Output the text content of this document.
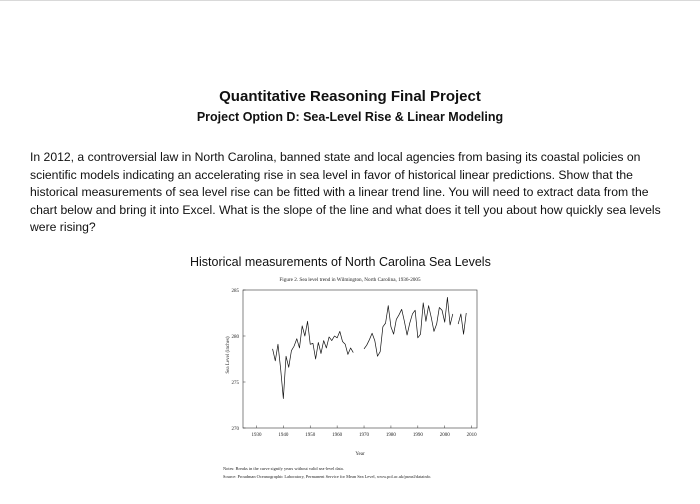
Quantitative Reasoning Final Project
Project Option D: Sea-Level Rise & Linear Modeling
In 2012, a controversial law in North Carolina, banned state and local agencies from basing its coastal policies on scientific models indicating an accelerating rise in sea level in favor of historical linear predictions. Show that the historical measurements of sea level rise can be fitted with a linear trend line. You will need to extract data from the chart below and bring it into Excel. What is the slope of the line and what does it tell you about how quickly sea levels were rising?
Historical measurements of North Carolina Sea Levels
Figure 2. Sea level trend in Wilmington, North Carolina, 1936-2005
1930	1940	1950	1960	1970	1980	1990	2000	2010
270
275
280
285
Year
Sea Level (inches)
Notes: Breaks in the curve signify years without valid sea-level data.
Source: Proudman Oceanographic Laboratory, Permanent Service for Mean Sea Level, www.pol.ac.uk/psmsl/datainfo.
